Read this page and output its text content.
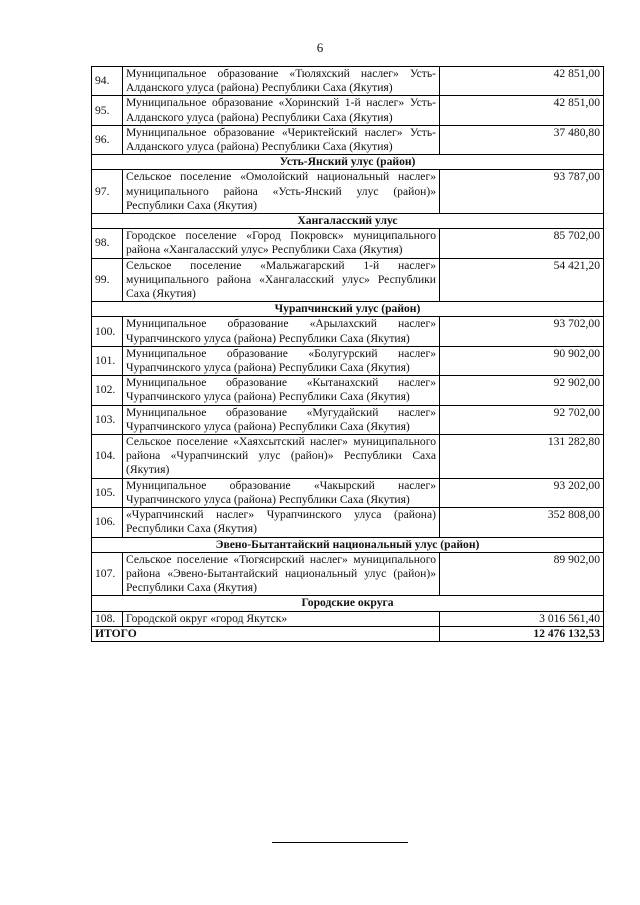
6
94.	Муниципальное образование «Тюляхский наслег» Усть-Алданского улуса (района) Республики Саха (Якутия)	42 851,00
95.	Муниципальное образование «Хоринский 1-й наслег» Усть-Алданского улуса (района) Республики Саха (Якутия)	42 851,00
96.	Муниципальное образование «Чериктейский наслег» Усть-Алданского улуса (района) Республики Саха (Якутия)	37 480,80
Усть-Янский улус (район)		
97.	Сельское поселение «Омолойский национальный наслег» муниципального района «Усть-Янский улус (район)» Республики Саха (Якутия)	93 787,00
Хангаласский улус		
98.	Городское поселение «Город Покровск» муниципального района «Хангаласский улус» Республики Саха (Якутия)	85 702,00
99.	Сельское поселение «Мальжагарский 1-й наслег» муниципального района «Хангаласский улус» Республики Саха (Якутия)	54 421,20
Чурапчинский улус (район)		
100.	Муниципальное образование «Арылахский наслег» Чурапчинского улуса (района) Республики Саха (Якутия)	93 702,00
101.	Муниципальное образование «Болугурский наслег» Чурапчинского улуса (района) Республики Саха (Якутия)	90 902,00
102.	Муниципальное образование «Кытанахский наслег» Чурапчинского улуса (района) Республики Саха (Якутия)	92 902,00
103.	Муниципальное образование «Мугудайский наслег» Чурапчинского улуса (района) Республики Саха (Якутия)	92 702,00
104.	Сельское поселение «Хаяхсытский наслег» муниципального района «Чурапчинский улус (район)» Республики Саха (Якутия)	131 282,80
105.	Муниципальное образование «Чакырский наслег» Чурапчинского улуса (района) Республики Саха (Якутия)	93 202,00
106.	«Чурапчинский наслег» Чурапчинского улуса (района) Республики Саха (Якутия)	352 808,00
Эвено-Бытантайский национальный улус (район)		
107.	Сельское поселение «Тюгясирский наслег» муниципального района «Эвено-Бытантайский национальный улус (район)» Республики Саха (Якутия)	89 902,00
Городские округа		
108.	Городской округ «город Якутск»	3 016 561,40
ИТОГО		12 476 132,53
